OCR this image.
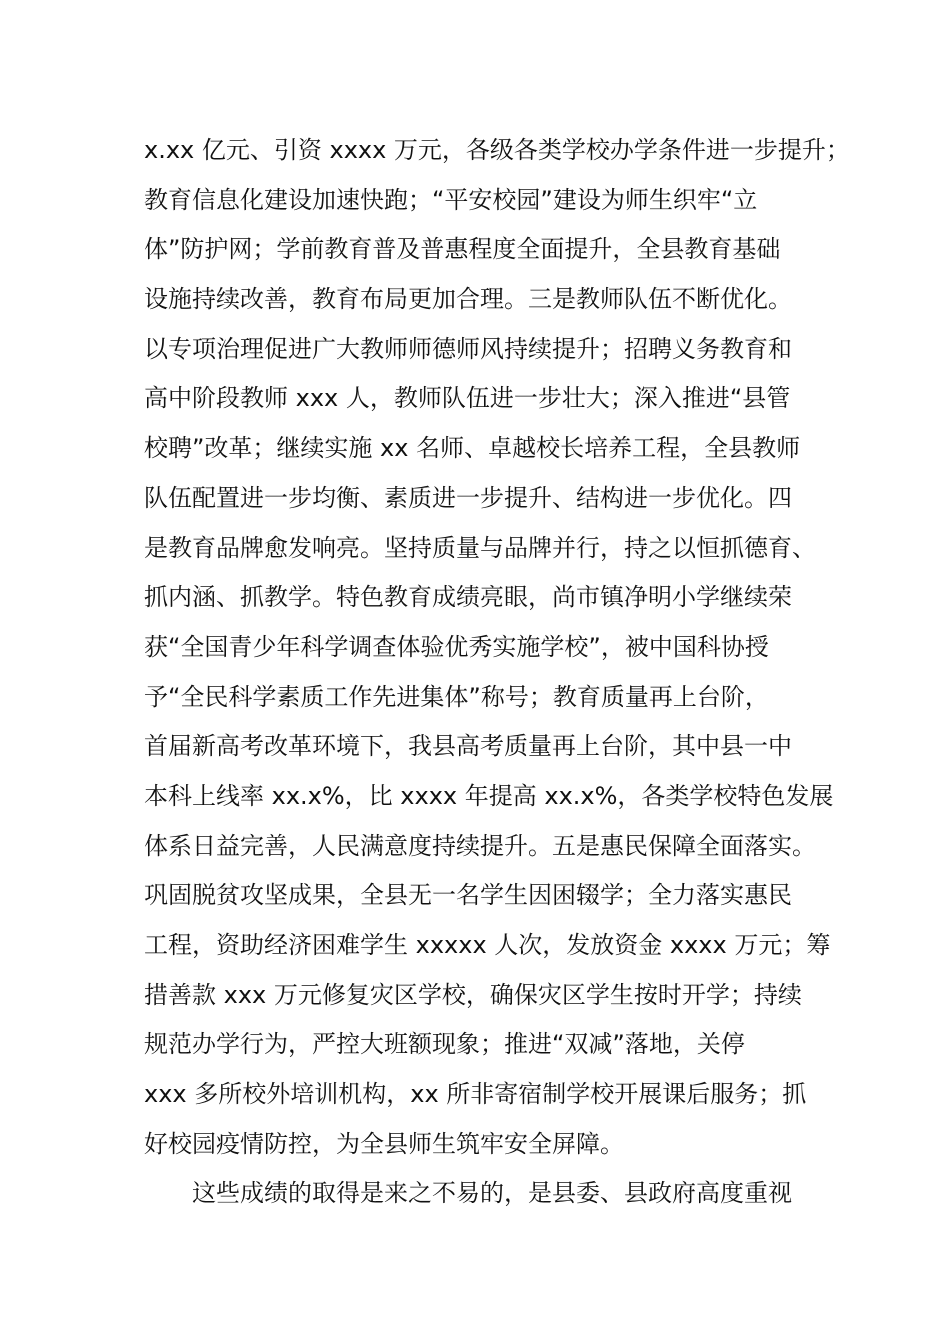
x.xx 亿元、引资 xxxx 万元，各级各类学校办学条件进一步提升；
教育信息化建设加速快跑；“平安校园”建设为师生织牢“立
体”防护网；学前教育普及普惠程度全面提升，全县教育基础
设施持续改善，教育布局更加合理。三是教师队伍不断优化。
以专项治理促进广大教师师德师风持续提升；招聘义务教育和
高中阶段教师 xxx 人，教师队伍进一步壮大；深入推进“县管
校聘”改革；继续实施 xx 名师、卓越校长培养工程，全县教师
队伍配置进一步均衡、素质进一步提升、结构进一步优化。四
是教育品牌愈发响亮。坚持质量与品牌并行，持之以恒抓德育、
抓内涵、抓教学。特色教育成绩亮眼，尚市镇净明小学继续荣
获“全国青少年科学调查体验优秀实施学校”，被中国科协授
予“全民科学素质工作先进集体”称号；教育质量再上台阶，
首届新高考改革环境下，我县高考质量再上台阶，其中县一中
本科上线率 xx.x%，比 xxxx 年提高 xx.x%，各类学校特色发展
体系日益完善，人民满意度持续提升。五是惠民保障全面落实。
巩固脱贫攻坚成果，全县无一名学生因困辍学；全力落实惠民
工程，资助经济困难学生 xxxxx 人次，发放资金 xxxx 万元；筹
措善款 xxx 万元修复灾区学校，确保灾区学生按时开学；持续
规范办学行为，严控大班额现象；推进“双减”落地，关停
xxx 多所校外培训机构，xx 所非寄宿制学校开展课后服务；抓
好校园疫情防控，为全县师生筑牢安全屏障。
这些成绩的取得是来之不易的，是县委、县政府高度重视
